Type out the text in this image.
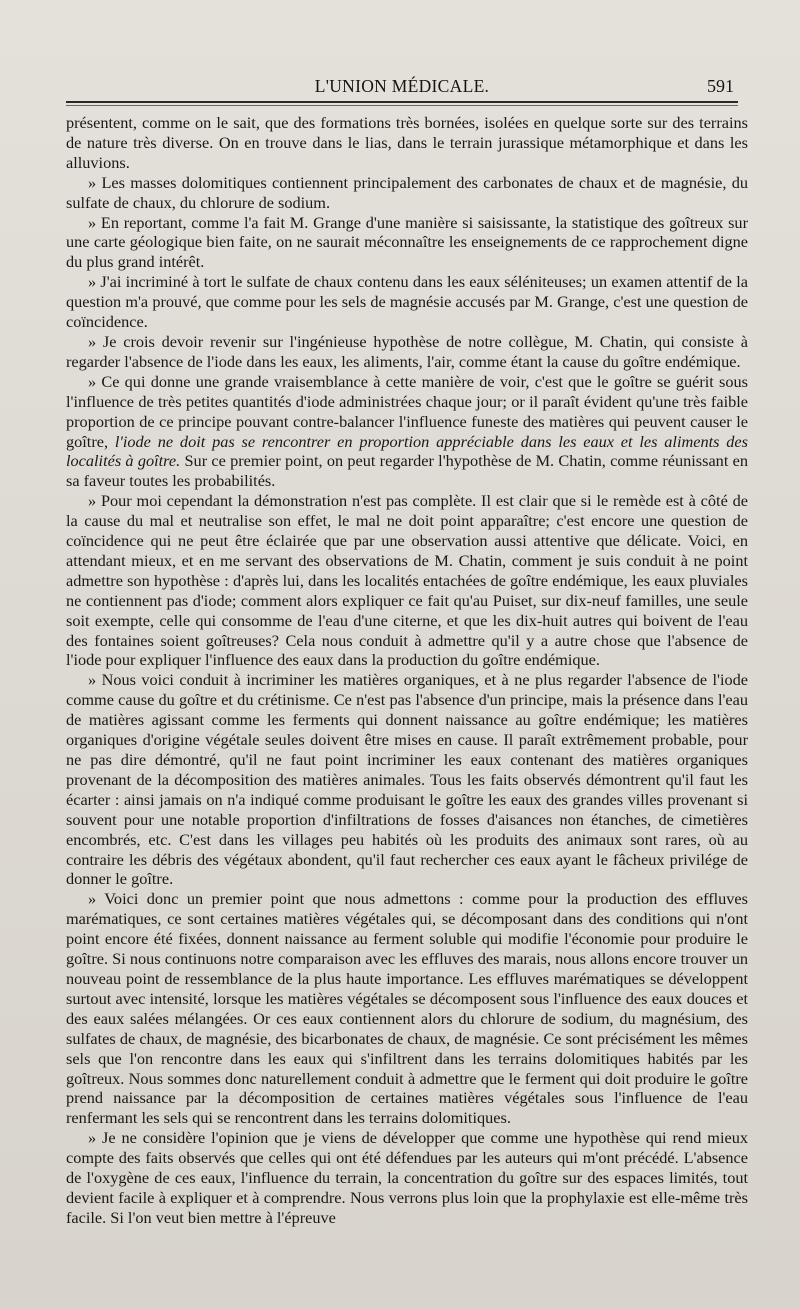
L'UNION MÉDICALE.	591

présentent, comme on le sait, que des formations très bornées, isolées en quelque sorte sur des terrains de nature très diverse. On en trouve dans le lias, dans le terrain jurassique métamorphique et dans les alluvions.

» Les masses dolomitiques contiennent principalement des carbonates de chaux et de magnésie, du sulfate de chaux, du chlorure de sodium.

» En reportant, comme l'a fait M. Grange d'une manière si saisissante, la statistique des goîtreux sur une carte géologique bien faite, on ne saurait méconnaître les enseignements de ce rapprochement digne du plus grand intérêt.

» J'ai incriminé à tort le sulfate de chaux contenu dans les eaux séléniteuses; un examen attentif de la question m'a prouvé, que comme pour les sels de magnésie accusés par M. Grange, c'est une question de coïncidence.

» Je crois devoir revenir sur l'ingénieuse hypothèse de notre collègue, M. Chatin, qui consiste à regarder l'absence de l'iode dans les eaux, les aliments, l'air, comme étant la cause du goître endémique.

» Ce qui donne une grande vraisemblance à cette manière de voir, c'est que le goître se guérit sous l'influence de très petites quantités d'iode administrées chaque jour; or il paraît évident qu'une très faible proportion de ce principe pouvant contre-balancer l'influence funeste des matières qui peuvent causer le goître, l'iode ne doit pas se rencontrer en proportion appréciable dans les eaux et les aliments des localités à goître. Sur ce premier point, on peut regarder l'hypothèse de M. Chatin, comme réunissant en sa faveur toutes les probabilités.

» Pour moi cependant la démonstration n'est pas complète. Il est clair que si le remède est à côté de la cause du mal et neutralise son effet, le mal ne doit point apparaître; c'est encore une question de coïncidence qui ne peut être éclairée que par une observation aussi attentive que délicate. Voici, en attendant mieux, et en me servant des observations de M. Chatin, comment je suis conduit à ne point admettre son hypothèse : d'après lui, dans les localités entachées de goître endémique, les eaux pluviales ne contiennent pas d'iode; comment alors expliquer ce fait qu'au Puiset, sur dix-neuf familles, une seule soit exempte, celle qui consomme de l'eau d'une citerne, et que les dix-huit autres qui boivent de l'eau des fontaines soient goîtreuses? Cela nous conduit à admettre qu'il y a autre chose que l'absence de l'iode pour expliquer l'influence des eaux dans la production du goître endémique.

» Nous voici conduit à incriminer les matières organiques, et à ne plus regarder l'absence de l'iode comme cause du goître et du crétinisme. Ce n'est pas l'absence d'un principe, mais la présence dans l'eau de matières agissant comme les ferments qui donnent naissance au goître endémique; les matières organiques d'origine végétale seules doivent être mises en cause. Il paraît extrêmement probable, pour ne pas dire démontré, qu'il ne faut point incriminer les eaux contenant des matières organiques provenant de la décomposition des matières animales. Tous les faits observés démontrent qu'il faut les écarter : ainsi jamais on n'a indiqué comme produisant le goître les eaux des grandes villes provenant si souvent pour une notable proportion d'infiltrations de fosses d'aisances non étanches, de cimetières encombrés, etc. C'est dans les villages peu habités où les produits des animaux sont rares, où au contraire les débris des végétaux abondent, qu'il faut rechercher ces eaux ayant le fâcheux privilége de donner le goître.

» Voici donc un premier point que nous admettons : comme pour la production des effluves marématiques, ce sont certaines matières végétales qui, se décomposant dans des conditions qui n'ont point encore été fixées, donnent naissance au ferment soluble qui modifie l'économie pour produire le goître. Si nous continuons notre comparaison avec les effluves des marais, nous allons encore trouver un nouveau point de ressemblance de la plus haute importance. Les effluves marématiques se développent surtout avec intensité, lorsque les matières végétales se décomposent sous l'influence des eaux douces et des eaux salées mélangées. Or ces eaux contiennent alors du chlorure de sodium, du magnésium, des sulfates de chaux, de magnésie, des bicarbonates de chaux, de magnésie. Ce sont précisément les mêmes sels que l'on rencontre dans les eaux qui s'infiltrent dans les terrains dolomitiques habités par les goîtreux. Nous sommes donc naturellement conduit à admettre que le ferment qui doit produire le goître prend naissance par la décomposition de certaines matières végétales sous l'influence de l'eau renfermant les sels qui se rencontrent dans les terrains dolomitiques.

» Je ne considère l'opinion que je viens de développer que comme une hypothèse qui rend mieux compte des faits observés que celles qui ont été défendues par les auteurs qui m'ont précédé. L'absence de l'oxygène de ces eaux, l'influence du terrain, la concentration du goître sur des espaces limités, tout devient facile à expliquer et à comprendre. Nous verrons plus loin que la prophylaxie est elle-même très facile. Si l'on veut bien mettre à l'épreuve
